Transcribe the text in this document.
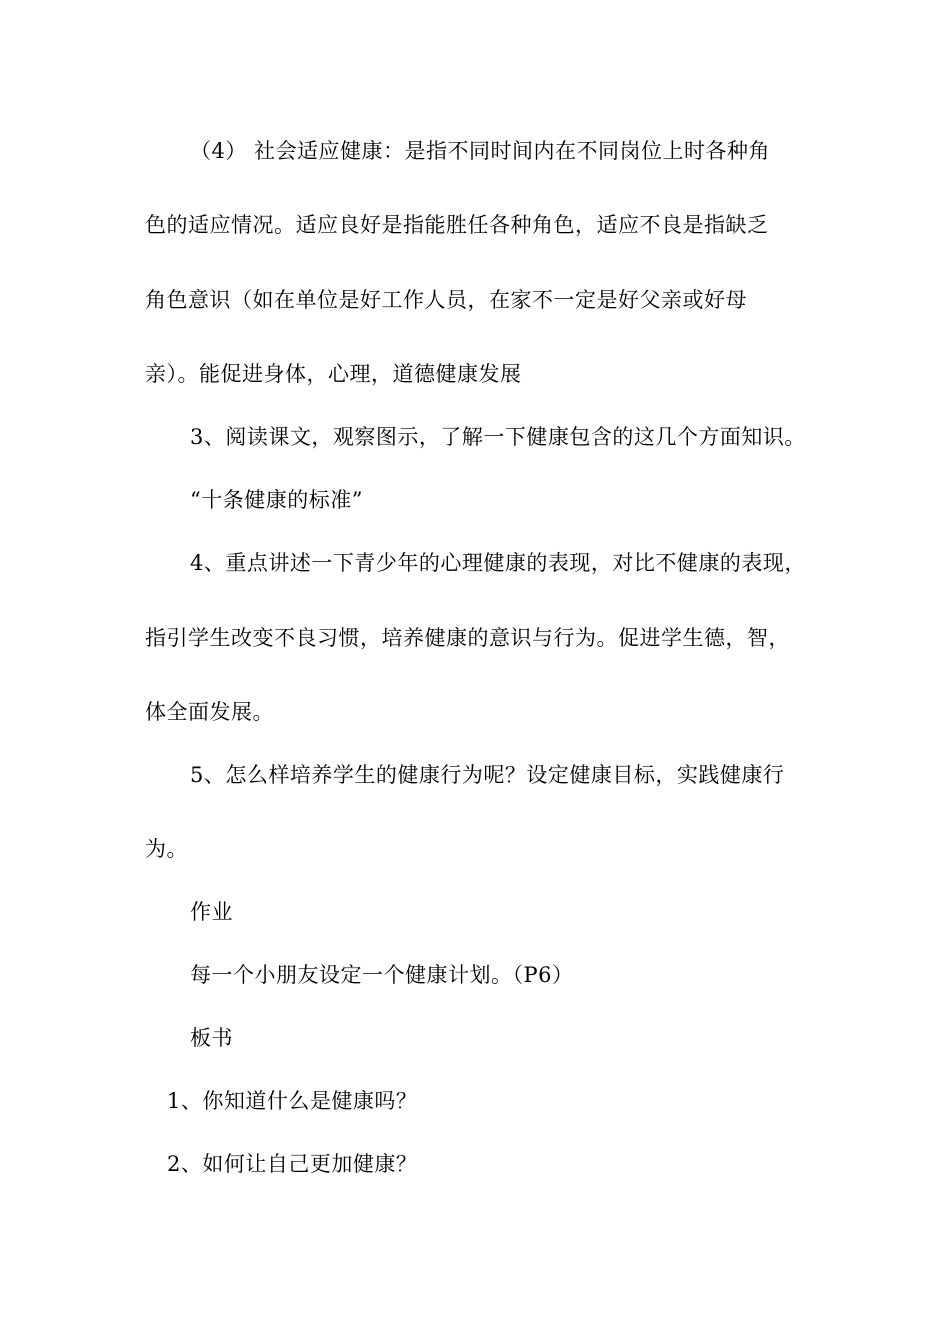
（4） 社会适应健康：是指不同时间内在不同岗位上时各种角
色的适应情况。适应良好是指能胜任各种角色，适应不良是指缺乏
角色意识（如在单位是好工作人员，在家不一定是好父亲或好母
亲）。能促进身体，心理，道德健康发展
3、阅读课文，观察图示，了解一下健康包含的这几个方面知识。
“十条健康的标准”
4、重点讲述一下青少年的心理健康的表现，对比不健康的表现，
指引学生改变不良习惯，培养健康的意识与行为。促进学生德，智，
体全面发展。
5、怎么样培养学生的健康行为呢？设定健康目标，实践健康行
为。
作业
每一个小朋友设定一个健康计划。（P6）
板书
1、你知道什么是健康吗？
2、如何让自己更加健康？
